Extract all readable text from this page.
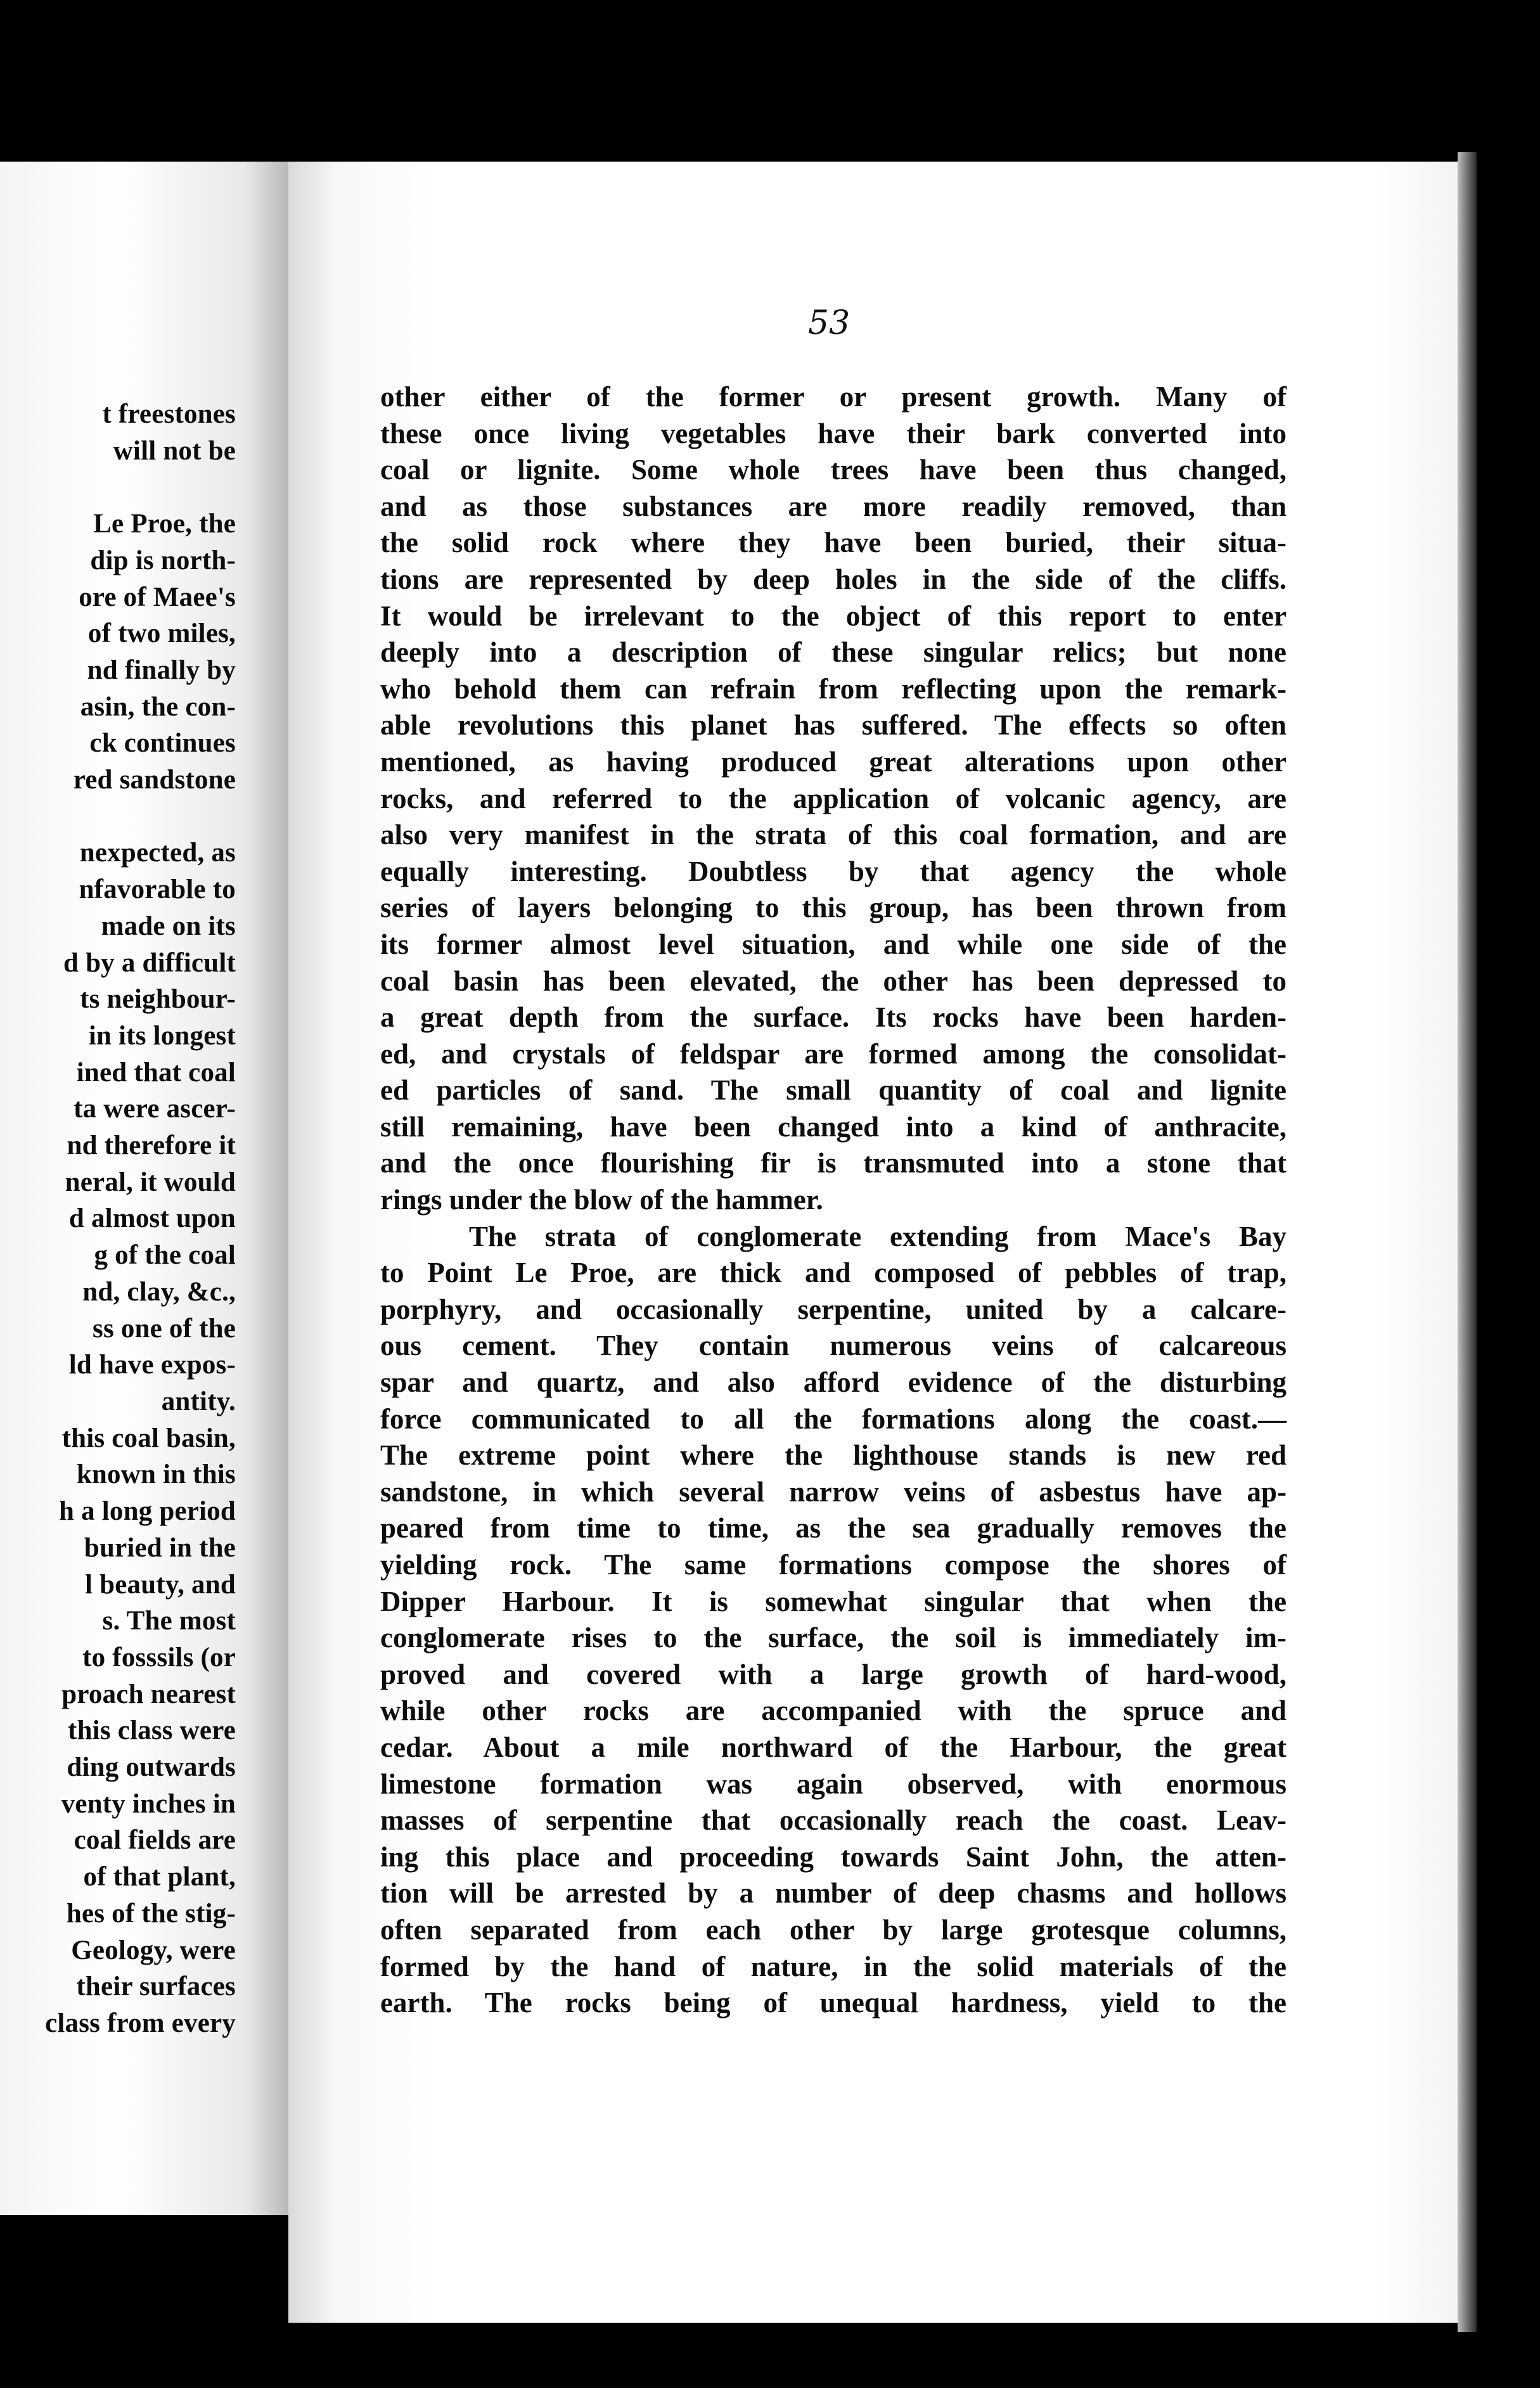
t freestones
will not be

Le Proe, the
dip is north-
ore of Maee's
of two miles,
nd finally by
asin, the con-
ck continues
red sandstone

nexpected, as
nfavorable to
made on its
d by a difficult
ts neighbour-
in its longest
ined that coal
ta were ascer-
nd therefore it
neral, it would
d almost upon
g of the coal
nd, clay, &c.,
ss one of the
ld have expos-
antity.
this coal basin,
known in this
h a long period
buried in the
l beauty, and
s. The most
to fosssils (or
proach nearest
this class were
ding outwards
venty inches in
coal fields are
of that plant,
hes of the stig-
Geology, were
their surfaces
class from every
53
other either of the former or present growth. Many of
these once living vegetables have their bark converted into
coal or lignite. Some whole trees have been thus changed,
and as those substances are more readily removed, than
the solid rock where they have been buried, their situa-
tions are represented by deep holes in the side of the cliffs.
It would be irrelevant to the object of this report to enter
deeply into a description of these singular relics; but none
who behold them can refrain from reflecting upon the remark-
able revolutions this planet has suffered. The effects so often
mentioned, as having produced great alterations upon other
rocks, and referred to the application of volcanic agency, are
also very manifest in the strata of this coal formation, and are
equally interesting. Doubtless by that agency the whole
series of layers belonging to this group, has been thrown from
its former almost level situation, and while one side of the
coal basin has been elevated, the other has been depressed to
a great depth from the surface. Its rocks have been harden-
ed, and crystals of feldspar are formed among the consolidat-
ed particles of sand. The small quantity of coal and lignite
still remaining, have been changed into a kind of anthracite,
and the once flourishing fir is transmuted into a stone that
rings under the blow of the hammer.
The strata of conglomerate extending from Mace's Bay
to Point Le Proe, are thick and composed of pebbles of trap,
porphyry, and occasionally serpentine, united by a calcare-
ous cement. They contain numerous veins of calcareous
spar and quartz, and also afford evidence of the disturbing
force communicated to all the formations along the coast.—
The extreme point where the lighthouse stands is new red
sandstone, in which several narrow veins of asbestus have ap-
peared from time to time, as the sea gradually removes the
yielding rock. The same formations compose the shores of
Dipper Harbour. It is somewhat singular that when the
conglomerate rises to the surface, the soil is immediately im-
proved and covered with a large growth of hard-wood,
while other rocks are accompanied with the spruce and
cedar. About a mile northward of the Harbour, the great
limestone formation was again observed, with enormous
masses of serpentine that occasionally reach the coast. Leav-
ing this place and proceeding towards Saint John, the atten-
tion will be arrested by a number of deep chasms and hollows
often separated from each other by large grotesque columns,
formed by the hand of nature, in the solid materials of the
earth. The rocks being of unequal hardness, yield to the
